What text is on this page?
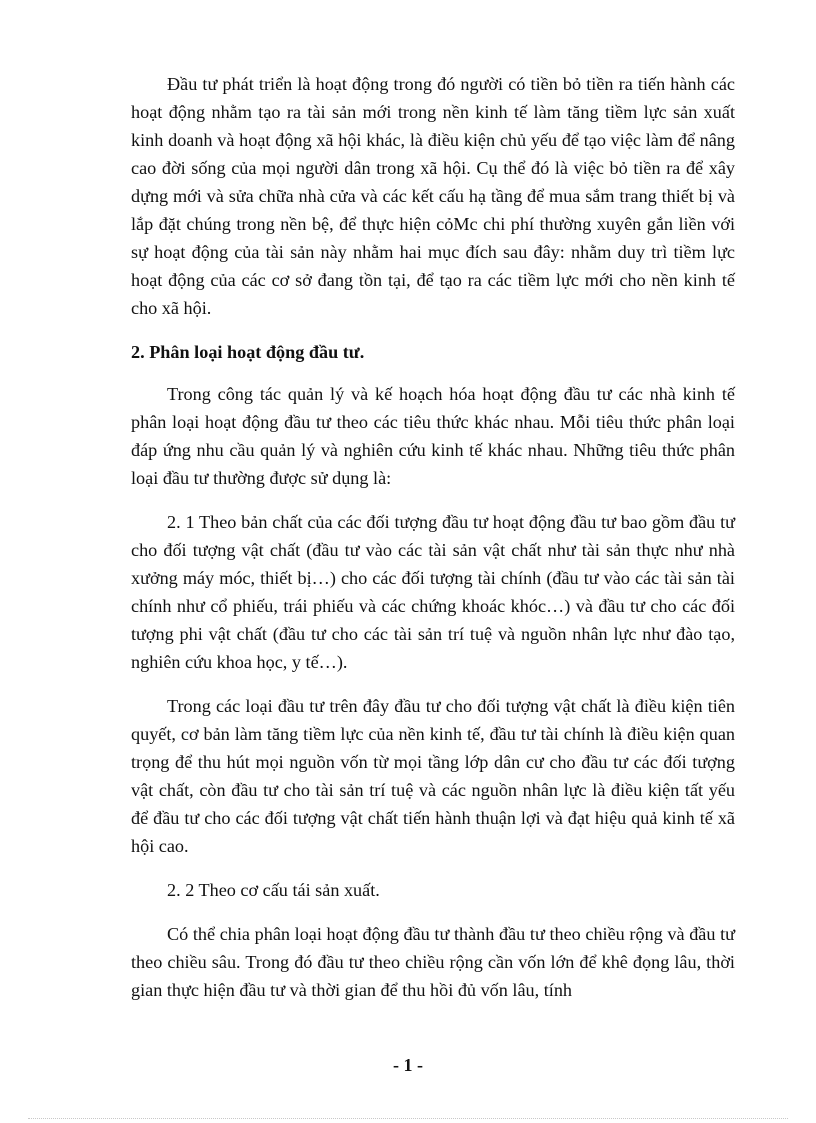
Đầu tư phát triển là hoạt động trong đó người có tiền bỏ tiền ra tiến hành các hoạt động nhằm tạo ra tài sản mới trong nền kinh tế làm tăng tiềm lực sản xuất kinh doanh và hoạt động xã hội khác, là điều kiện chủ yếu để tạo việc làm để nâng cao đời sống của mọi người dân trong xã hội. Cụ thể đó là việc bỏ tiền ra để xây dựng mới và sửa chữa nhà cửa và các kết cấu hạ tầng để mua sắm trang thiết bị và lắp đặt chúng trong nền bệ, để thực hiện cỏMc chi phí thường xuyên gắn liền với sự hoạt động của tài sản này nhằm hai mục đích sau đây: nhằm duy trì tiềm lực hoạt động của các cơ sở đang tồn tại, để tạo ra các tiềm lực mới cho nền kinh tế cho xã hội.

2. Phân loại hoạt động đầu tư.

Trong công tác quản lý và kế hoạch hóa hoạt động đầu tư các nhà kinh tế phân loại hoạt động đầu tư theo các tiêu thức khác nhau. Mỗi tiêu thức phân loại đáp ứng nhu cầu quản lý và nghiên cứu kinh tế khác nhau. Những tiêu thức phân loại đầu tư thường được sử dụng là:

2. 1 Theo bản chất của các đối tượng đầu tư hoạt động đầu tư bao gồm đầu tư cho đối tượng vật chất (đầu tư vào các tài sản vật chất như tài sản thực như nhà xưởng máy móc, thiết bị…) cho các đối tượng tài chính (đầu tư vào các tài sản tài chính như cổ phiếu, trái phiếu và các chứng khoác khóc…) và đầu tư cho các đối tượng phi vật chất (đầu tư cho các tài sản trí tuệ và nguồn nhân lực như đào tạo, nghiên cứu khoa học, y tế…).

Trong các loại đầu tư trên đây đầu tư cho đối tượng vật chất là điều kiện tiên quyết, cơ bản làm tăng tiềm lực của nền kinh tế, đầu tư tài chính là điều kiện quan trọng để thu hút mọi nguồn vốn từ mọi tầng lớp dân cư cho đầu tư các đối tượng vật chất, còn đầu tư cho tài sản trí tuệ và các nguồn nhân lực là điều kiện tất yếu để đầu tư cho các đối tượng vật chất tiến hành thuận lợi và đạt hiệu quả kinh tế xã hội cao.

2. 2 Theo cơ cấu tái sản xuất.

Có thể chia phân loại hoạt động đầu tư thành đầu tư theo chiều rộng và đầu tư theo chiều sâu. Trong đó đầu tư theo chiều rộng cần vốn lớn để khê đọng lâu, thời gian thực hiện đầu tư và thời gian để thu hồi đủ vốn lâu, tính

- 1 -
